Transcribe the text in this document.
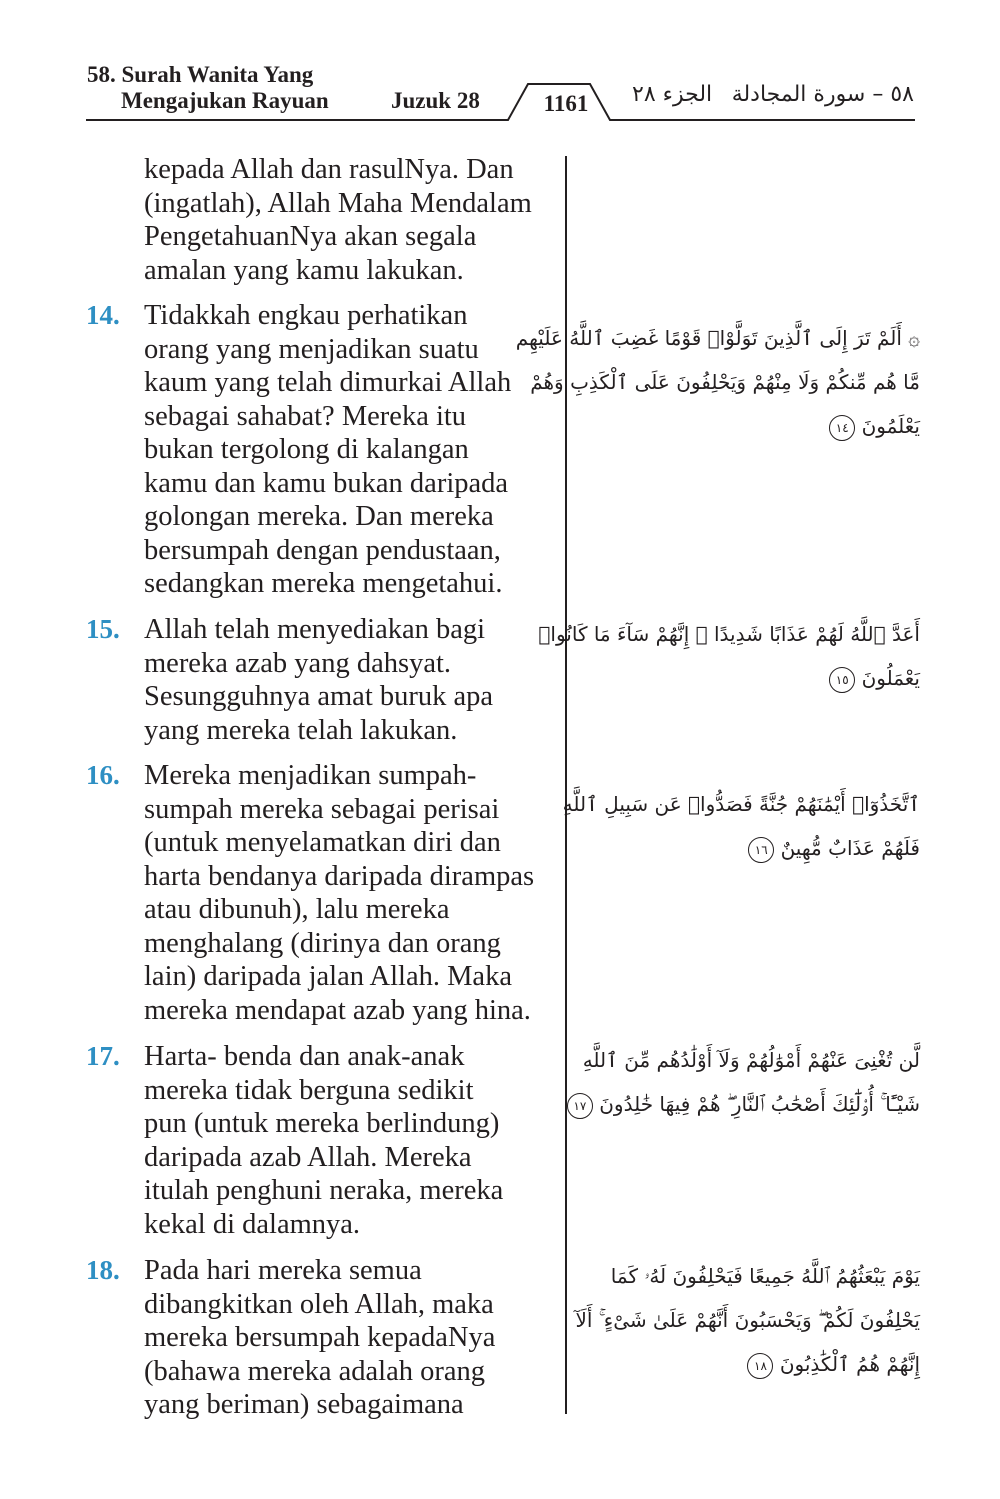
58. Surah Wanita Yang
Mengajukan Rayuan	Juzuk 28	1161	الجزء ٢٨ ٥٨ – سورة المجادلة
kepada Allah dan rasulNya. Dan
(ingatlah), Allah Maha Mendalam
PengetahuanNya akan segala
amalan yang kamu lakukan.
14. Tidakkah engkau perhatikan
orang yang menjadikan suatu
kaum yang telah dimurkai Allah
sebagai sahabat? Mereka itu
bukan tergolong di kalangan
kamu dan kamu bukan daripada
golongan mereka. Dan mereka
bersumpah dengan pendustaan,
sedangkan mereka mengetahui.
15. Allah telah menyediakan bagi
mereka azab yang dahsyat.
Sesungguhnya amat buruk apa
yang mereka telah lakukan.
16. Mereka menjadikan sumpah-
sumpah mereka sebagai perisai
(untuk menyelamatkan diri dan
harta bendanya daripada dirampas
atau dibunuh), lalu mereka
menghalang (dirinya dan orang
lain) daripada jalan Allah. Maka
mereka mendapat azab yang hina.
17. Harta- benda dan anak-anak
mereka tidak berguna sedikit
pun (untuk mereka berlindung)
daripada azab Allah. Mereka
itulah penghuni neraka, mereka
kekal di dalamnya.
18. Pada hari mereka semua
dibangkitkan oleh Allah, maka
mereka bersumpah kepadaNya
(bahawa mereka adalah orang
yang beriman) sebagaimana
۞ أَلَمْ تَرَ إِلَى ٱلَّذِينَ تَوَلَّوْا۟ قَوْمًا غَضِبَ ٱللَّهُ عَلَيْهِم
مَّا هُم مِّنكُمْ وَلَا مِنْهُمْ وَيَحْلِفُونَ عَلَى ٱلْكَذِبِ وَهُمْ
يَعْلَمُونَ ١٤
أَعَدَّ ٱللَّهُ لَهُمْ عَذَابًا شَدِيدًا ۖ إِنَّهُمْ سَآءَ مَا كَانُوا۟
يَعْمَلُونَ ١٥
ٱتَّخَذُوٓا۟ أَيْمَٰنَهُمْ جُنَّةً فَصَدُّوا۟ عَن سَبِيلِ ٱللَّهِ
فَلَهُمْ عَذَابٌ مُّهِينٌ ١٦
لَّن تُغْنِىَ عَنْهُمْ أَمْوَٰلُهُمْ وَلَآ أَوْلَٰدُهُم مِّنَ ٱللَّهِ
شَيْـًٔا ۚ أُو۟لَٰٓئِكَ أَصْحَٰبُ ٱلنَّارِ ۖ هُمْ فِيهَا خَٰلِدُونَ ١٧
يَوْمَ يَبْعَثُهُمُ ٱللَّهُ جَمِيعًا فَيَحْلِفُونَ لَهُۥ كَمَا
يَحْلِفُونَ لَكُمْ ۖ وَيَحْسَبُونَ أَنَّهُمْ عَلَىٰ شَىْءٍ ۚ أَلَآ
إِنَّهُمْ هُمُ ٱلْكَٰذِبُونَ ١٨
